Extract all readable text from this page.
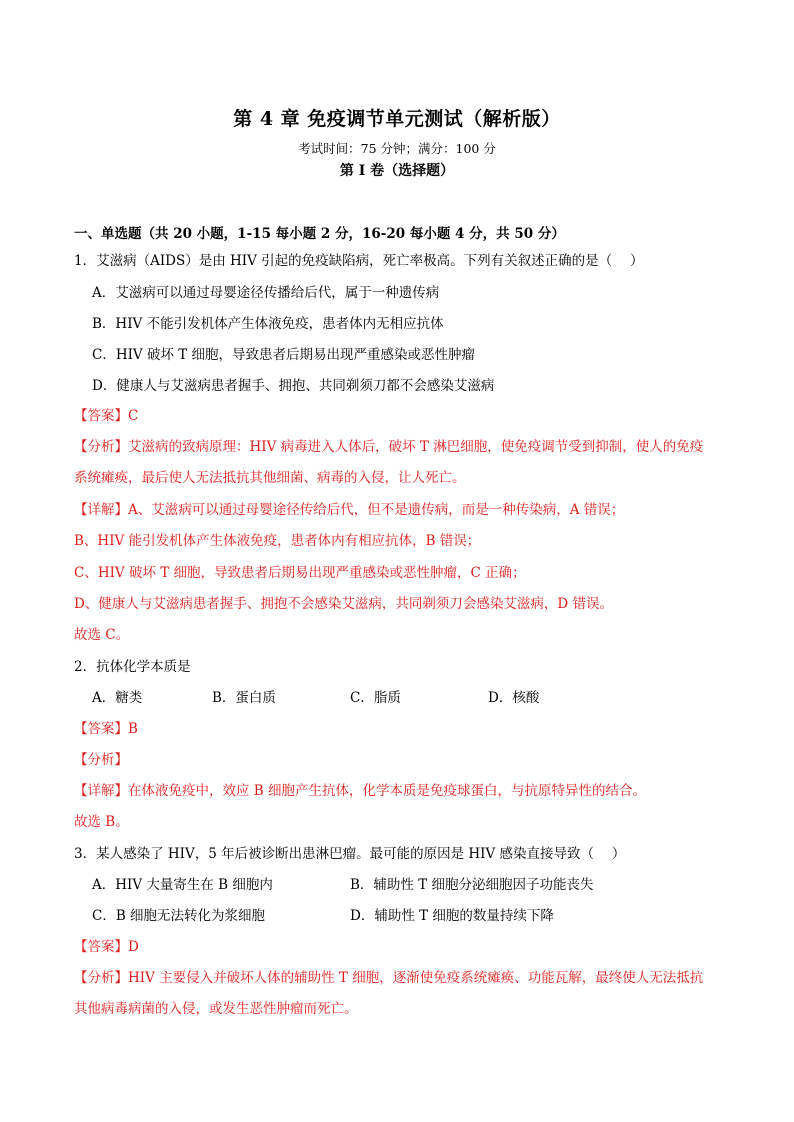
第 4 章 免疫调节单元测试（解析版）
考试时间：75 分钟；满分：100 分
第 I 卷（选择题）
一、单选题（共 20 小题，1-15 每小题 2 分，16-20 每小题 4 分，共 50 分）
1．艾滋病（AIDS）是由 HIV 引起的免疫缺陷病，死亡率极高。下列有关叙述正确的是（　 ）
A．艾滋病可以通过母婴途径传播给后代，属于一种遗传病
B．HIV 不能引发机体产生体液免疫，患者体内无相应抗体
C．HIV 破坏 T 细胞，导致患者后期易出现严重感染或恶性肿瘤
D．健康人与艾滋病患者握手、拥抱、共同剃须刀都不会感染艾滋病
【答案】C
【分析】艾滋病的致病原理：HIV 病毒进入人体后，破坏 T 淋巴细胞，使免疫调节受到抑制，使人的免疫
系统瘫痪，最后使人无法抵抗其他细菌、病毒的入侵，让人死亡。
【详解】A、艾滋病可以通过母婴途径传给后代，但不是遗传病，而是一种传染病，A 错误；
B、HIV 能引发机体产生体液免疫，患者体内有相应抗体，B 错误；
C、HIV 破坏 T 细胞，导致患者后期易出现严重感染或恶性肿瘤，C 正确；
D、健康人与艾滋病患者握手、拥抱不会感染艾滋病，共同剃须刀会感染艾滋病，D 错误。
故选 C。
2．抗体化学本质是
A．糖类	B．蛋白质	C．脂质	D．核酸
【答案】B
【分析】
【详解】在体液免疫中，效应 B 细胞产生抗体，化学本质是免疫球蛋白，与抗原特异性的结合。
故选 B。
3．某人感染了 HIV，5 年后被诊断出患淋巴瘤。最可能的原因是 HIV 感染直接导致（　 ）
A．HIV 大量寄生在 B 细胞内	B．辅助性 T 细胞分泌细胞因子功能丧失
C．B 细胞无法转化为浆细胞	D．辅助性 T 细胞的数量持续下降
【答案】D
【分析】HIV 主要侵入并破坏人体的辅助性 T 细胞，逐渐使免疫系统瘫痪、功能瓦解，最终使人无法抵抗
其他病毒病菌的入侵，或发生恶性肿瘤而死亡。
